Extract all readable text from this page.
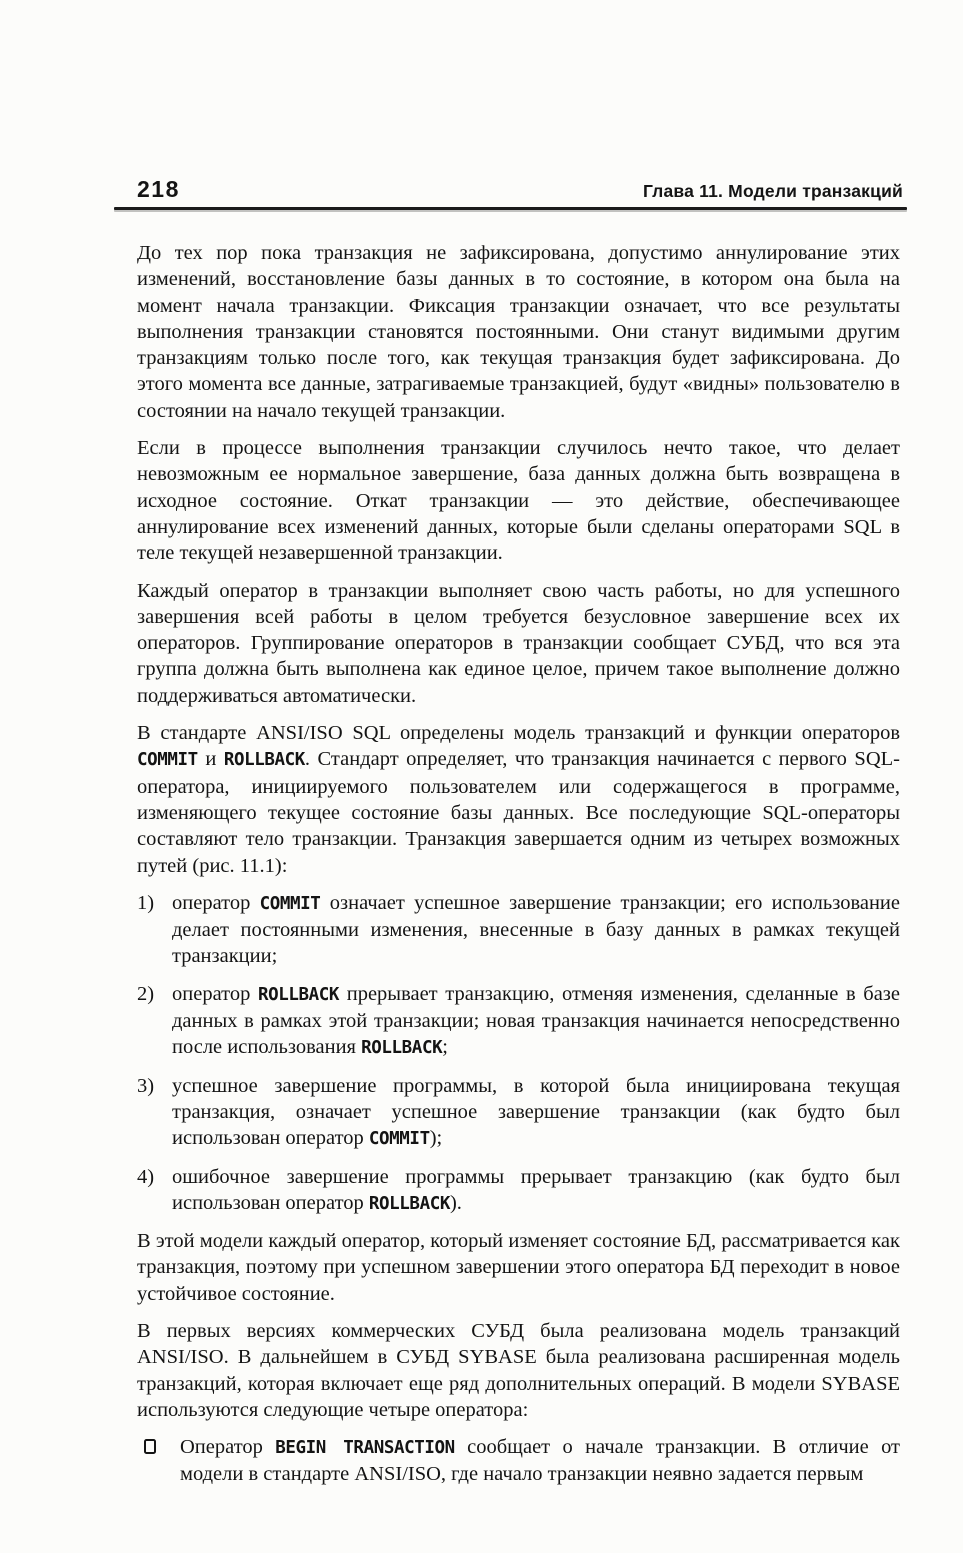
218	Глава 11. Модели транзакций

До тех пор пока транзакция не зафиксирована, допустимо аннулирование этих изменений, восстановление базы данных в то состояние, в котором она была на момент начала транзакции. Фиксация транзакции означает, что все результаты выполнения транзакции становятся постоянными. Они станут видимыми другим транзакциям только после того, как текущая транзакция будет зафиксирована. До этого момента все данные, затрагиваемые транзакцией, будут «видны» пользователю в состоянии на начало текущей транзакции.

Если в процессе выполнения транзакции случилось нечто такое, что делает невозможным ее нормальное завершение, база данных должна быть возвращена в исходное состояние. Откат транзакции — это действие, обеспечивающее аннулирование всех изменений данных, которые были сделаны операторами SQL в теле текущей незавершенной транзакции.

Каждый оператор в транзакции выполняет свою часть работы, но для успешного завершения всей работы в целом требуется безусловное завершение всех их операторов. Группирование операторов в транзакции сообщает СУБД, что вся эта группа должна быть выполнена как единое целое, причем такое выполнение должно поддерживаться автоматически.

В стандарте ANSI/ISO SQL определены модель транзакций и функции операторов COMMIT и ROLLBACK. Стандарт определяет, что транзакция начинается с первого SQL-оператора, инициируемого пользователем или содержащегося в программе, изменяющего текущее состояние базы данных. Все последующие SQL-операторы составляют тело транзакции. Транзакция завершается одним из четырех возможных путей (рис. 11.1):

1) оператор COMMIT означает успешное завершение транзакции; его использование делает постоянными изменения, внесенные в базу данных в рамках текущей транзакции;
2) оператор ROLLBACK прерывает транзакцию, отменяя изменения, сделанные в базе данных в рамках этой транзакции; новая транзакция начинается непосредственно после использования ROLLBACK;
3) успешное завершение программы, в которой была инициирована текущая транзакция, означает успешное завершение транзакции (как будто был использован оператор COMMIT);
4) ошибочное завершение программы прерывает транзакцию (как будто был использован оператор ROLLBACK).

В этой модели каждый оператор, который изменяет состояние БД, рассматривается как транзакция, поэтому при успешном завершении этого оператора БД переходит в новое устойчивое состояние.

В первых версиях коммерческих СУБД была реализована модель транзакций ANSI/ISO. В дальнейшем в СУБД SYBASE была реализована расширенная модель транзакций, которая включает еще ряд дополнительных операций. В модели SYBASE используются следующие четыре оператора:

Оператор BEGIN TRANSACTION сообщает о начале транзакции. В отличие от модели в стандарте ANSI/ISO, где начало транзакции неявно задается первым
